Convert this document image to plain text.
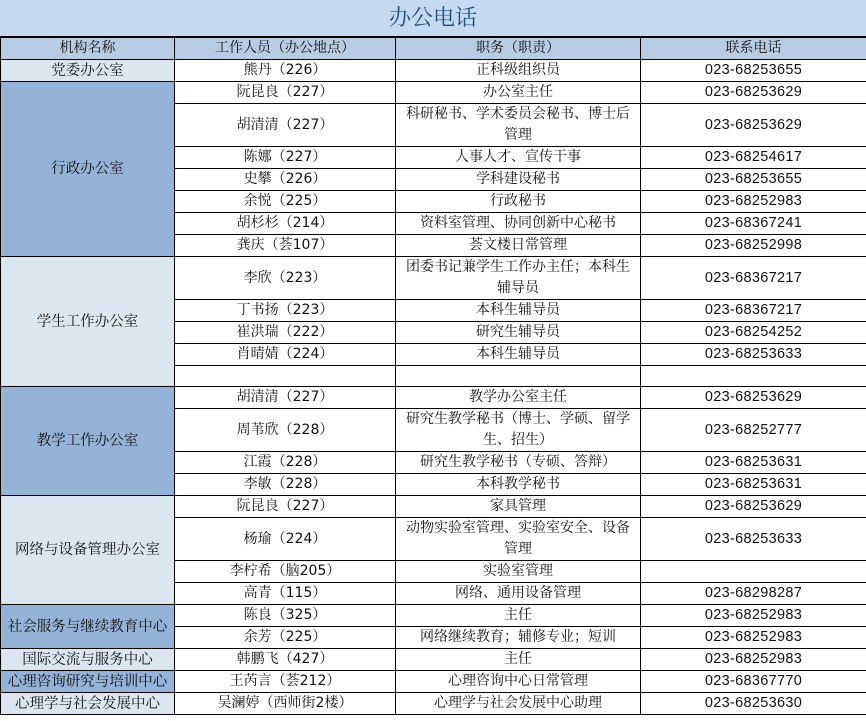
办公电话
机构名称	工作人员（办公地点）	职务（职责）	联系电话
党委办公室	熊丹（226）	正科级组织员	023-68253655
行政办公室	阮昆良（227）	办公室主任	023-68253629
	胡清清（227）	科研秘书、学术委员会秘书、博士后管理	023-68253629
	陈娜（227）	人事人才、宣传干事	023-68254617
	史攀（226）	学科建设秘书	023-68253655
	余悦（225）	行政秘书	023-68252983
	胡杉杉（214）	资料室管理、协同创新中心秘书	023-68367241
	龚庆（荟107）	荟文楼日常管理	023-68252998
学生工作办公室	李欣（223）	团委书记兼学生工作办主任；本科生辅导员	023-68367217
	丁书扬（223）	本科生辅导员	023-68367217
	崔洪瑞（222）	研究生辅导员	023-68254252
	肖晴婧（224）	本科生辅导员	023-68253633

教学工作办公室	胡清清（227）	教学办公室主任	023-68253629
	周苇欣（228）	研究生教学秘书（博士、学硕、留学生、招生）	023-68252777
	江霞（228）	研究生教学秘书（专硕、答辩）	023-68253631
	李敏（228）	本科教学秘书	023-68253631
网络与设备管理办公室	阮昆良（227）	家具管理	023-68253629
	杨瑜（224）	动物实验室管理、实验室安全、设备管理	023-68253633
	李柠希（脑205）	实验室管理	
	高青（115）	网络、通用设备管理	023-68298287
社会服务与继续教育中心	陈良（325）	主任	023-68252983
	余芳（225）	网络继续教育；辅修专业；短训	023-68252983
国际交流与服务中心	韩鹏飞（427）	主任	023-68252983
心理咨询研究与培训中心	王芮言（荟212）	心理咨询中心日常管理	023-68367770
心理学与社会发展中心	吴澜婷（西师街2楼）	心理学与社会发展中心助理	023-68253630
